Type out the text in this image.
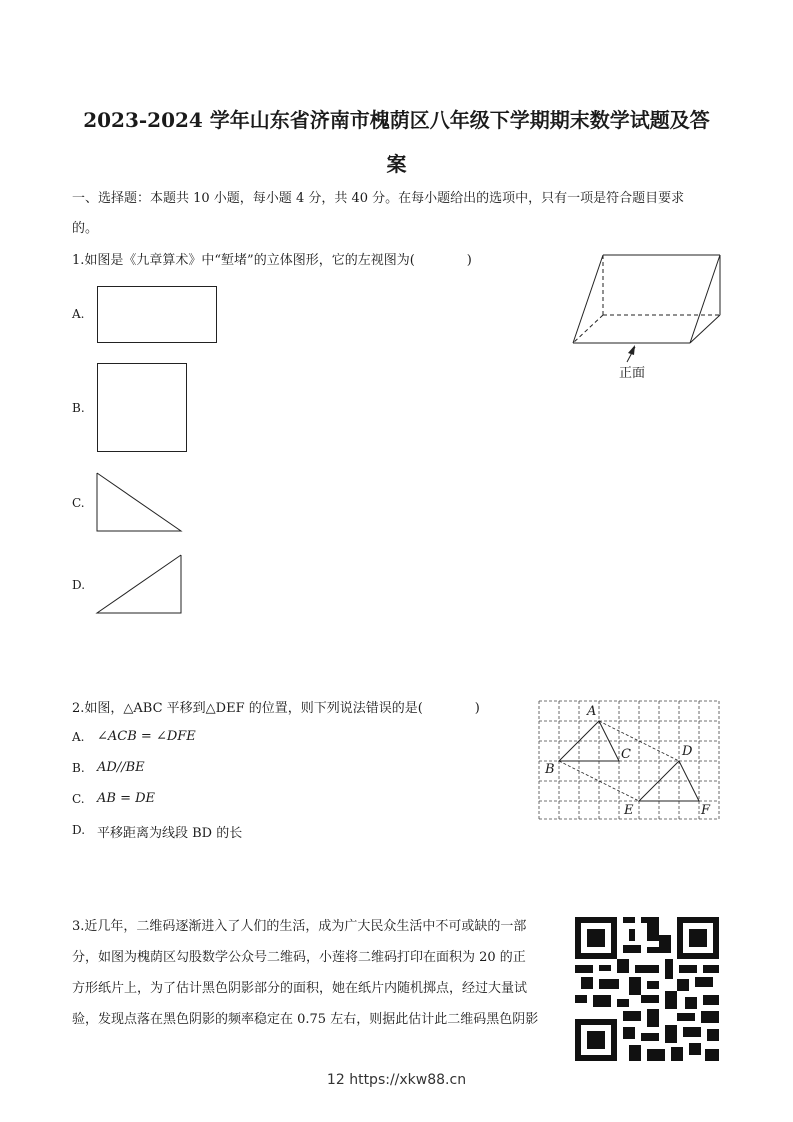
2023-2024 学年山东省济南市槐荫区八年级下学期期末数学试题及答
案
一、选择题：本题共 10 小题，每小题 4 分，共 40 分。在每小题给出的选项中，只有一项是符合题目要求
的。
1.如图是《九章算术》中“堑堵”的立体图形，它的左视图为(　　　　)
A.
B.
C.
D.
正面
2.如图，△ABC 平移到△DEF 的位置，则下列说法错误的是(　　　　)
A. ∠ACB = ∠DFE
B. AD//BE
C. AB = DE
D. 平移距离为线段 BD 的长
A
B
C	D
E	F
3.近几年，二维码逐渐进入了人们的生活，成为广大民众生活中不可或缺的一部
分，如图为槐荫区勾股数学公众号二维码，小莲将二维码打印在面积为 20 的正
方形纸片上，为了估计黑色阴影部分的面积，她在纸片内随机掷点，经过大量试
验，发现点落在黑色阴影的频率稳定在 0.75 左右，则据此估计此二维码黑色阴影
12 https://xkw88.cn
